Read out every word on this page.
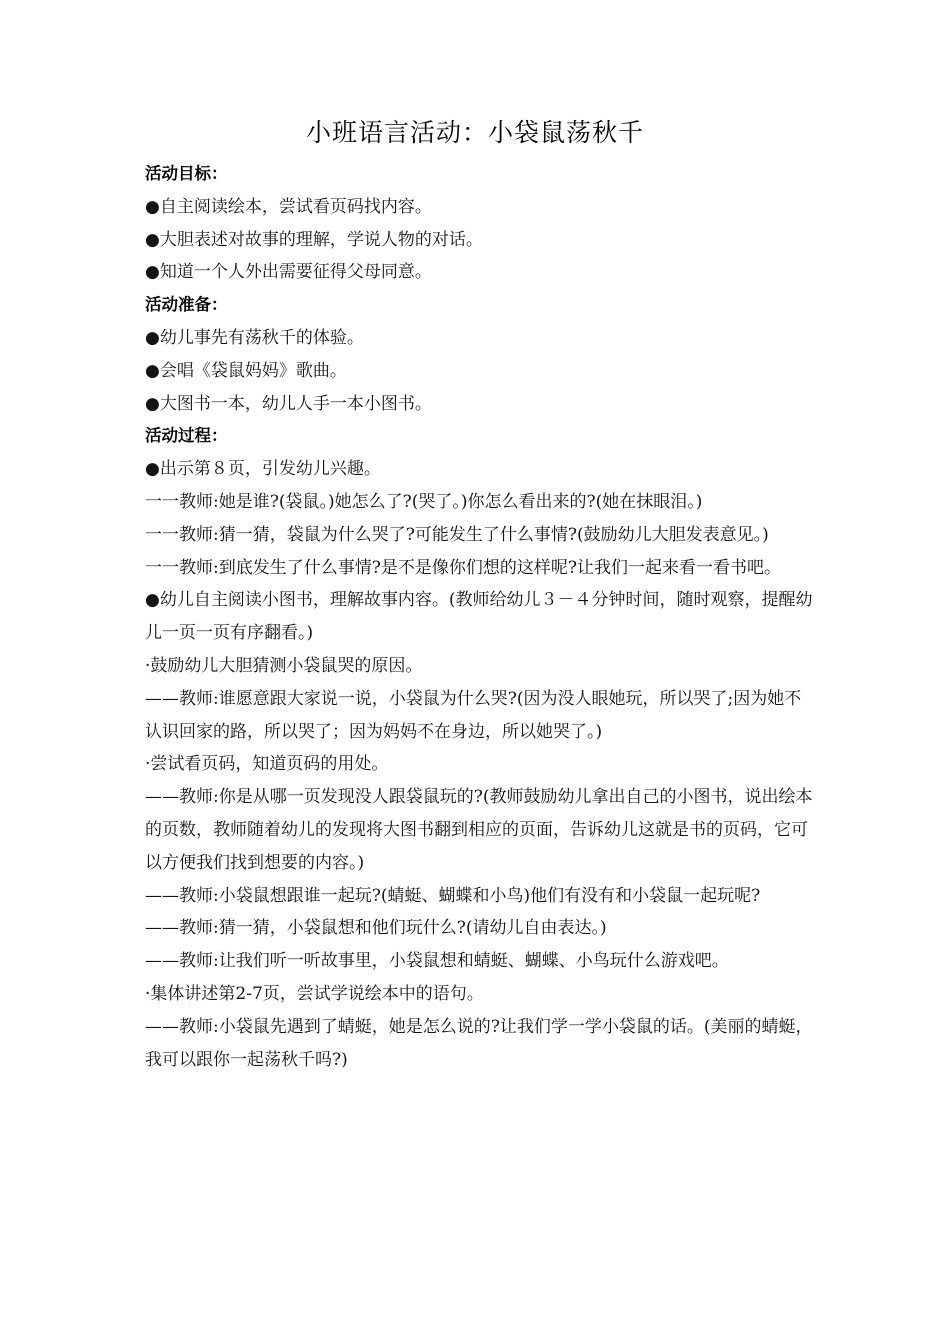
小班语言活动：小袋鼠荡秋千

活动目标：

●自主阅读绘本，尝试看页码找内容。

●大胆表述对故事的理解，学说人物的对话。

●知道一个人外出需要征得父母同意。

活动准备：

●幼儿事先有荡秋千的体验。

●会唱《袋鼠妈妈》歌曲。

●大图书一本，幼儿人手一本小图书。

活动过程：

●出示第８页，引发幼儿兴趣。

一一教师:她是谁?(袋鼠。)她怎么了?(哭了。)你怎么看出来的?(她在抹眼泪。)

一一教师:猜一猜，袋鼠为什么哭了?可能发生了什么事情?(鼓励幼儿大胆发表意见。)

一一教师:到底发生了什么事情?是不是像你们想的这样呢?让我们一起来看一看书吧。

●幼儿自主阅读小图书，理解故事内容。(教师给幼儿３－４分钟时间，随时观察，提醒幼儿一页一页有序翻看。)

·鼓励幼儿大胆猜测小袋鼠哭的原因。

——教师:谁愿意跟大家说一说，小袋鼠为什么哭?(因为没人眼她玩，所以哭了;因为她不认识回家的路，所以哭了；因为妈妈不在身边，所以她哭了。)

·尝试看页码，知道页码的用处。

——教师:你是从哪一页发现没人跟袋鼠玩的?(教师鼓励幼儿拿出自己的小图书，说出绘本的页数，教师随着幼儿的发现将大图书翻到相应的页面，告诉幼儿这就是书的页码，它可以方便我们找到想要的内容。)

——教师:小袋鼠想跟谁一起玩?(蜻蜓、蝴蝶和小鸟)他们有没有和小袋鼠一起玩呢?

——教师:猜一猜，小袋鼠想和他们玩什么?(请幼儿自由表达。)

——教师:让我们听一听故事里，小袋鼠想和蜻蜓、蝴蝶、小鸟玩什么游戏吧。

·集体讲述第2-7页，尝试学说绘本中的语句。

——教师:小袋鼠先遇到了蜻蜓，她是怎么说的?让我们学一学小袋鼠的话。(美丽的蜻蜓，我可以跟你一起荡秋千吗?)
